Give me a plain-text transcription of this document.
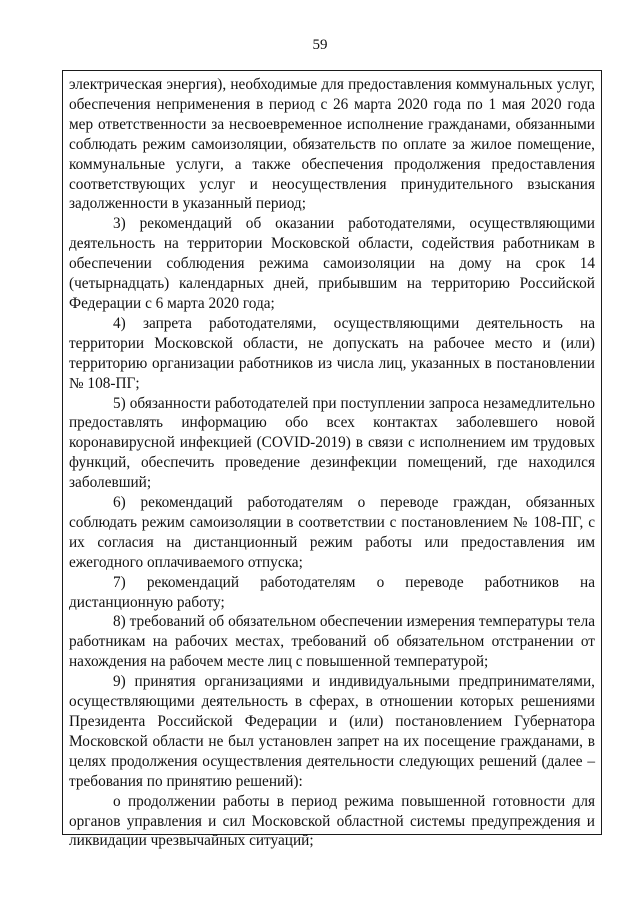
59

электрическая энергия), необходимые для предоставления коммунальных услуг, обеспечения неприменения в период с 26 марта 2020 года по 1 мая 2020 года мер ответственности за несвоевременное исполнение гражданами, обязанными соблюдать режим самоизоляции, обязательств по оплате за жилое помещение, коммунальные услуги, а также обеспечения продолжения предоставления соответствующих услуг и неосуществления принудительного взыскания задолженности в указанный период;

3) рекомендаций об оказании работодателями, осуществляющими деятельность на территории Московской области, содействия работникам в обеспечении соблюдения режима самоизоляции на дому на срок 14 (четырнадцать) календарных дней, прибывшим на территорию Российской Федерации с 6 марта 2020 года;

4) запрета работодателями, осуществляющими деятельность на территории Московской области, не допускать на рабочее место и (или) территорию организации работников из числа лиц, указанных в постановлении № 108-ПГ;

5) обязанности работодателей при поступлении запроса незамедлительно предоставлять информацию обо всех контактах заболевшего новой коронавирусной инфекцией (COVID-2019) в связи с исполнением им трудовых функций, обеспечить проведение дезинфекции помещений, где находился заболевший;

6) рекомендаций работодателям о переводе граждан, обязанных соблюдать режим самоизоляции в соответствии с постановлением № 108-ПГ, с их согласия на дистанционный режим работы или предоставления им ежегодного оплачиваемого отпуска;

7) рекомендаций работодателям о переводе работников на дистанционную работу;

8) требований об обязательном обеспечении измерения температуры тела работникам на рабочих местах, требований об обязательном отстранении от нахождения на рабочем месте лиц с повышенной температурой;

9) принятия организациями и индивидуальными предпринимателями, осуществляющими деятельность в сферах, в отношении которых решениями Президента Российской Федерации и (или) постановлением Губернатора Московской области не был установлен запрет на их посещение гражданами, в целях продолжения осуществления деятельности следующих решений (далее – требования по принятию решений):

о продолжении работы в период режима повышенной готовности для органов управления и сил Московской областной системы предупреждения и ликвидации чрезвычайных ситуаций;
